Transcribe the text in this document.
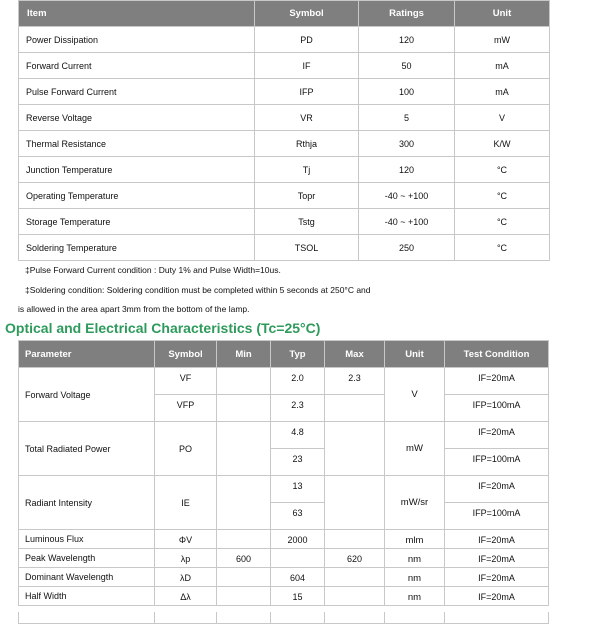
Item	Symbol	Ratings	Unit
Power Dissipation	PD	120	mW
Forward Current	IF	50	mA
Pulse Forward Current	IFP	100	mA
Reverse Voltage	VR	5	V
Thermal Resistance	Rthja	300	K/W
Junction Temperature	Tj	120	°C
Operating Temperature	Topr	-40 ~ +100	°C
Storage Temperature	Tstg	-40 ~ +100	°C
Soldering Temperature	TSOL	250	°C
‡Pulse Forward Current condition : Duty 1% and Pulse Width=10us.
‡Soldering condition: Soldering condition must be completed within 5 seconds at 250°C and
is allowed in the area apart 3mm from the bottom of the lamp.
Optical and Electrical Characteristics (Tc=25°C)
Parameter	Symbol	Min	Typ	Max	Unit	Test Condition
Forward Voltage	VF		2.0	2.3	V	IF=20mA
	VFP		2.3			IFP=100mA
Total Radiated Power	PO		4.8		mW	IF=20mA
			23			IFP=100mA
Radiant Intensity	IE		13		mW/sr	IF=20mA
			63			IFP=100mA
Luminous Flux	ΦV		2000		mlm	IF=20mA
Peak Wavelength	λp	600		620	nm	IF=20mA
Dominant Wavelength	λD		604		nm	IF=20mA
Half Width	Δλ		15		nm	IF=20mA
